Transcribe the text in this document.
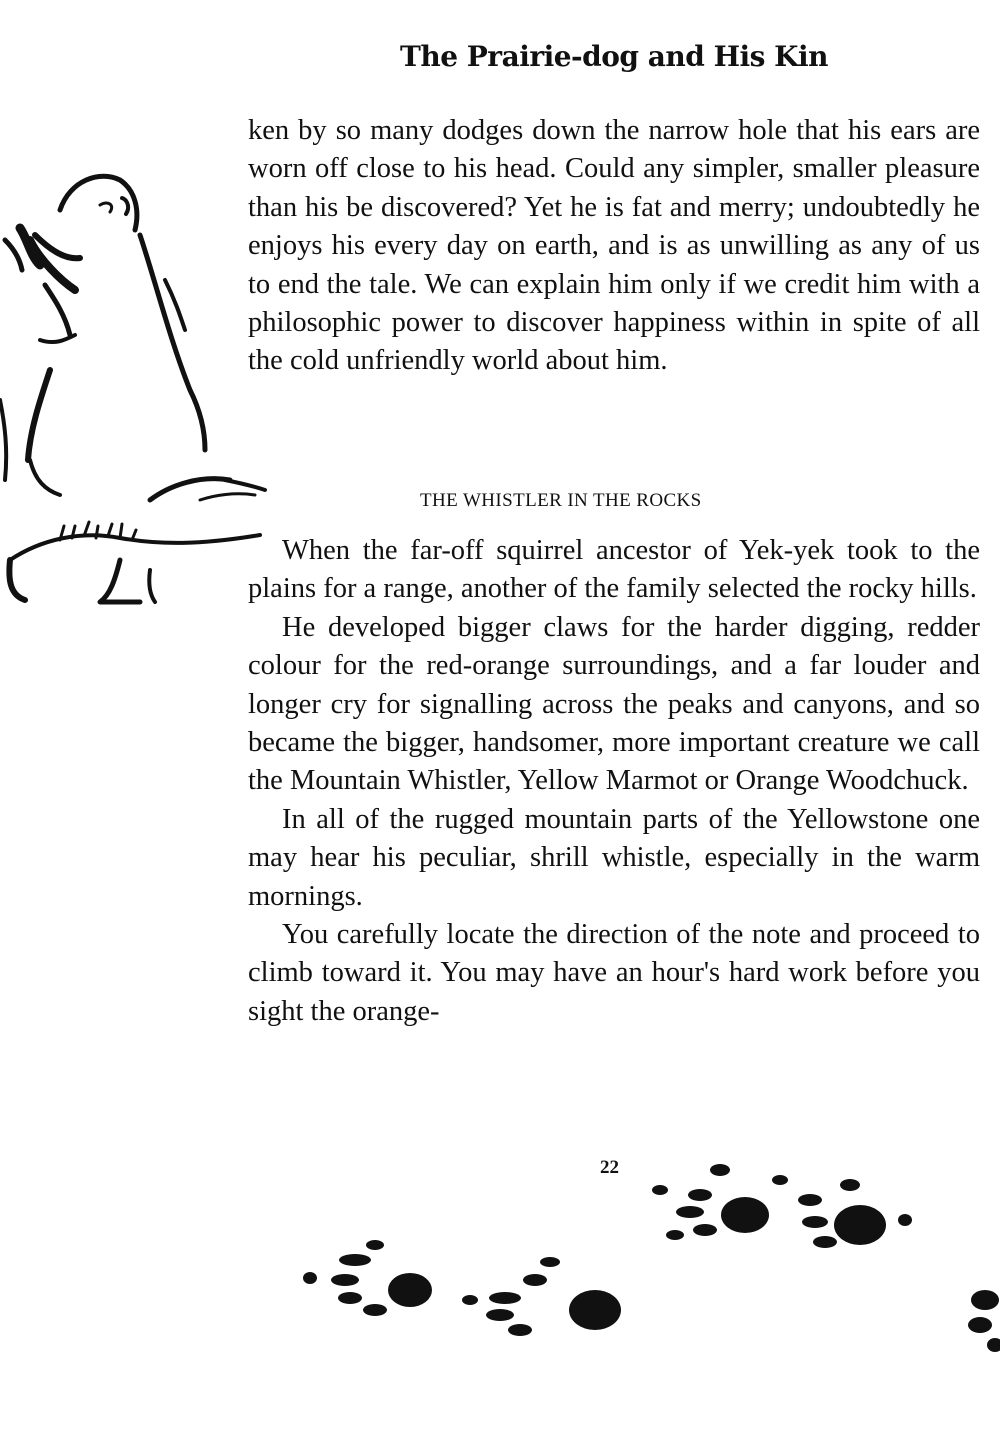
The Prairie-dog and His Kin

ken by so many dodges down the narrow hole that his ears are worn off close to his head. Could any simpler, smaller pleasure than his be discovered? Yet he is fat and merry; undoubtedly he enjoys his every day on earth, and is as unwilling as any of us to end the tale. We can explain him only if we credit him with a philosophic power to discover happiness within in spite of all the cold unfriendly world about him.

THE WHISTLER IN THE ROCKS

When the far-off squirrel ancestor of Yek-yek took to the plains for a range, another of the family selected the rocky hills.

He developed bigger claws for the harder digging, redder colour for the red-orange surroundings, and a far louder and longer cry for signalling across the peaks and canyons, and so became the bigger, handsomer, more important creature we call the Mountain Whistler, Yellow Marmot or Orange Woodchuck.

In all of the rugged mountain parts of the Yellowstone one may hear his peculiar, shrill whistle, especially in the warm mornings.

You carefully locate the direction of the note and proceed to climb toward it. You may have an hour's hard work before you sight the orange-

22
